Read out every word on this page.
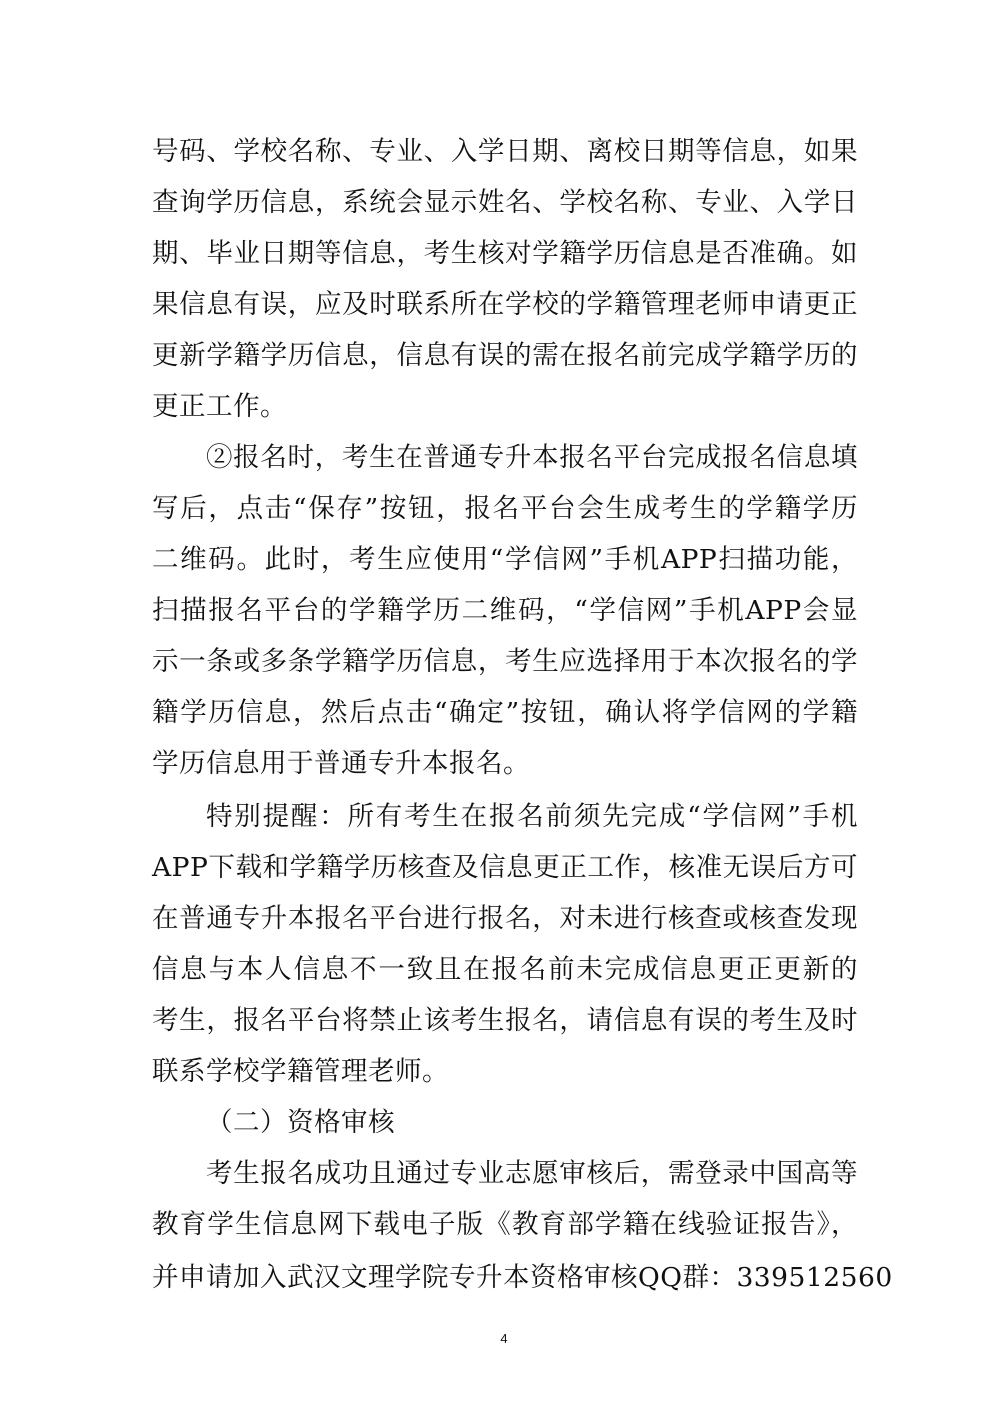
号码、学校名称、专业、入学日期、离校日期等信息，如果
查询学历信息，系统会显示姓名、学校名称、专业、入学日
期、毕业日期等信息，考生核对学籍学历信息是否准确。如
果信息有误，应及时联系所在学校的学籍管理老师申请更正
更新学籍学历信息，信息有误的需在报名前完成学籍学历的
更正工作。
②报名时，考生在普通专升本报名平台完成报名信息填
写后，点击“保存”按钮，报名平台会生成考生的学籍学历
二维码。此时，考生应使用“学信网”手机APP扫描功能，
扫描报名平台的学籍学历二维码，“学信网”手机APP会显
示一条或多条学籍学历信息，考生应选择用于本次报名的学
籍学历信息，然后点击“确定”按钮，确认将学信网的学籍
学历信息用于普通专升本报名。
特别提醒：所有考生在报名前须先完成“学信网”手机
APP下载和学籍学历核查及信息更正工作，核准无误后方可
在普通专升本报名平台进行报名，对未进行核查或核查发现
信息与本人信息不一致且在报名前未完成信息更正更新的
考生，报名平台将禁止该考生报名，请信息有误的考生及时
联系学校学籍管理老师。
（二）资格审核
考生报名成功且通过专业志愿审核后，需登录中国高等
教育学生信息网下载电子版《教育部学籍在线验证报告》，
并申请加入武汉文理学院专升本资格审核QQ群：339512560
4
